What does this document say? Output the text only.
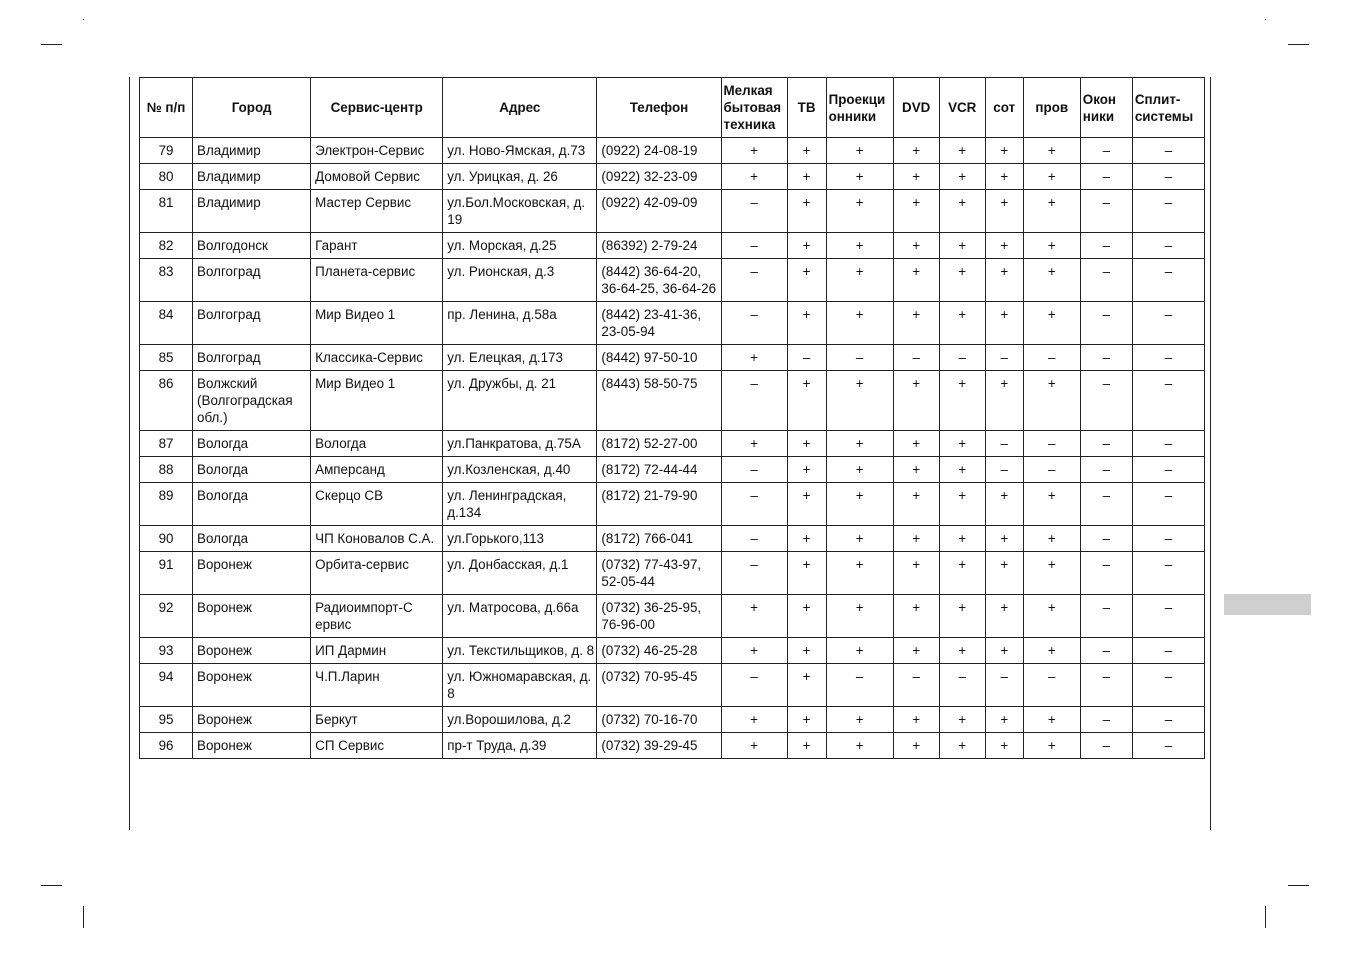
№ п/п	Город	Сервис-центр	Адрес	Телефон	Мелкая бытовая техника	ТВ	Проекци онники	DVD	VCR	сот	пров	Окон ники	Сплит- системы
79	Владимир	Электрон-Сервис	ул. Ново-Ямская, д.73	(0922) 24-08-19	+	+	+	+	+	+	+	–	–
80	Владимир	Домовой Сервис	ул. Урицкая, д. 26	(0922) 32-23-09	+	+	+	+	+	+	+	–	–
81	Владимир	Мастер Сервис	ул.Бол.Московская, д. 19	(0922) 42-09-09	–	+	+	+	+	+	+	–	–
82	Волгодонск	Гарант	ул. Морская, д.25	(86392) 2-79-24	–	+	+	+	+	+	+	–	–
83	Волгоград	Планета-сервис	ул. Рионская, д.3	(8442) 36-64-20, 36-64-25, 36-64-26	–	+	+	+	+	+	+	–	–
84	Волгоград	Мир Видео 1	пр. Ленина, д.58а	(8442) 23-41-36, 23-05-94	–	+	+	+	+	+	+	–	–
85	Волгоград	Классика-Сервис	ул. Елецкая, д.173	(8442) 97-50-10	+	–	–	–	–	–	–	–	–
86	Волжский (Волгоградская обл.)	Мир Видео 1	ул. Дружбы, д. 21	(8443) 58-50-75	–	+	+	+	+	+	+	–	–
87	Вологда	Вологда	ул.Панкратова, д.75А	(8172) 52-27-00	+	+	+	+	+	–	–	–	–
88	Вологда	Амперсанд	ул.Козленская, д.40	(8172) 72-44-44	–	+	+	+	+	–	–	–	–
89	Вологда	Скерцо СВ	ул. Ленинградская, д.134	(8172) 21-79-90	–	+	+	+	+	+	+	–	–
90	Вологда	ЧП Коновалов С.А.	ул.Горького,113	(8172) 766-041	–	+	+	+	+	+	+	–	–
91	Воронеж	Орбита-сервис	ул. Донбасская, д.1	(0732) 77-43-97, 52-05-44	–	+	+	+	+	+	+	–	–
92	Воронеж	Радиоимпорт-С ервис	ул. Матросова, д.66а	(0732) 36-25-95, 76-96-00	+	+	+	+	+	+	+	–	–
93	Воронеж	ИП Дармин	ул. Текстильщиков, д. 8	(0732) 46-25-28	+	+	+	+	+	+	+	–	–
94	Воронеж	Ч.П.Ларин	ул. Южномаравская, д. 8	(0732) 70-95-45	–	+	–	–	–	–	–	–	–
95	Воронеж	Беркут	ул.Ворошилова, д.2	(0732) 70-16-70	+	+	+	+	+	+	+	–	–
96	Воронеж	СП Сервис	пр-т Труда, д.39	(0732) 39-29-45	+	+	+	+	+	+	+	–	–
